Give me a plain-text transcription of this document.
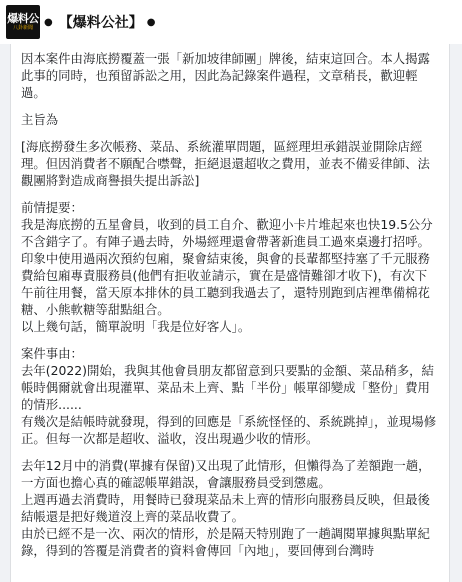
爆料公
八卦新聞
● 【爆料公社】 ●

因本案件由海底撈覆蓋一張「新加坡律師團」牌後，結束這回合。本人揭露此事的同時，也預留訴訟之用，因此為記錄案件過程，文章稍長，歡迎輕過。

主旨為

[海底撈發生多次帳務、菜品、系統灌單問題，區經理坦承錯誤並開除店經理。但因消費者不願配合噤聲，拒絕退還超收之費用，並表不備妥律師、法觀團將對造成商譽損失提出訴訟]

前情提要：

我是海底撈的五星會員，收到的員工自介、歡迎小卡片堆起來也快19.5公分不含錯字了。有陣子過去時，外場經理還會帶著新進員工過來桌邊打招呼。印象中使用過兩次預約包廂，聚會結束後，與會的長輩都堅持塞了千元服務費給包廂專責服務員(他們有拒收並請示，實在是盛情難卻才收下)，有次下午前往用餐，當天原本排休的員工聽到我過去了，還特別跑到店裡準備棉花糖、小熊軟糖等甜點組合。

以上幾句話，簡單說明「我是位好客人」。

案件事由：

去年(2022)開始，我與其他會員朋友都留意到只要點的金額、菜品稍多，結帳時偶爾就會出現灌單、菜品未上齊、點「半份」帳單卻變成「整份」費用的情形......

有幾次是結帳時就發現，得到的回應是「系統怪怪的、系統跳掉」，並現場修正。但每一次都是超收、溢收，沒出現過少收的情形。

去年12月中的消費(單據有保留)又出現了此情形，但懶得為了差額跑一趟，一方面也擔心真的確認帳單錯誤，會讓服務員受到懲處。

上週再過去消費時，用餐時已發現菜品未上齊的情形向服務員反映，但最後結帳還是把好幾道沒上齊的菜品收費了。

由於已經不是一次、兩次的情形，於是隔天特別跑了一趟調閱單據與點單紀錄，得到的答覆是消費者的資料會傳回「內地」，要回傳到台灣時
